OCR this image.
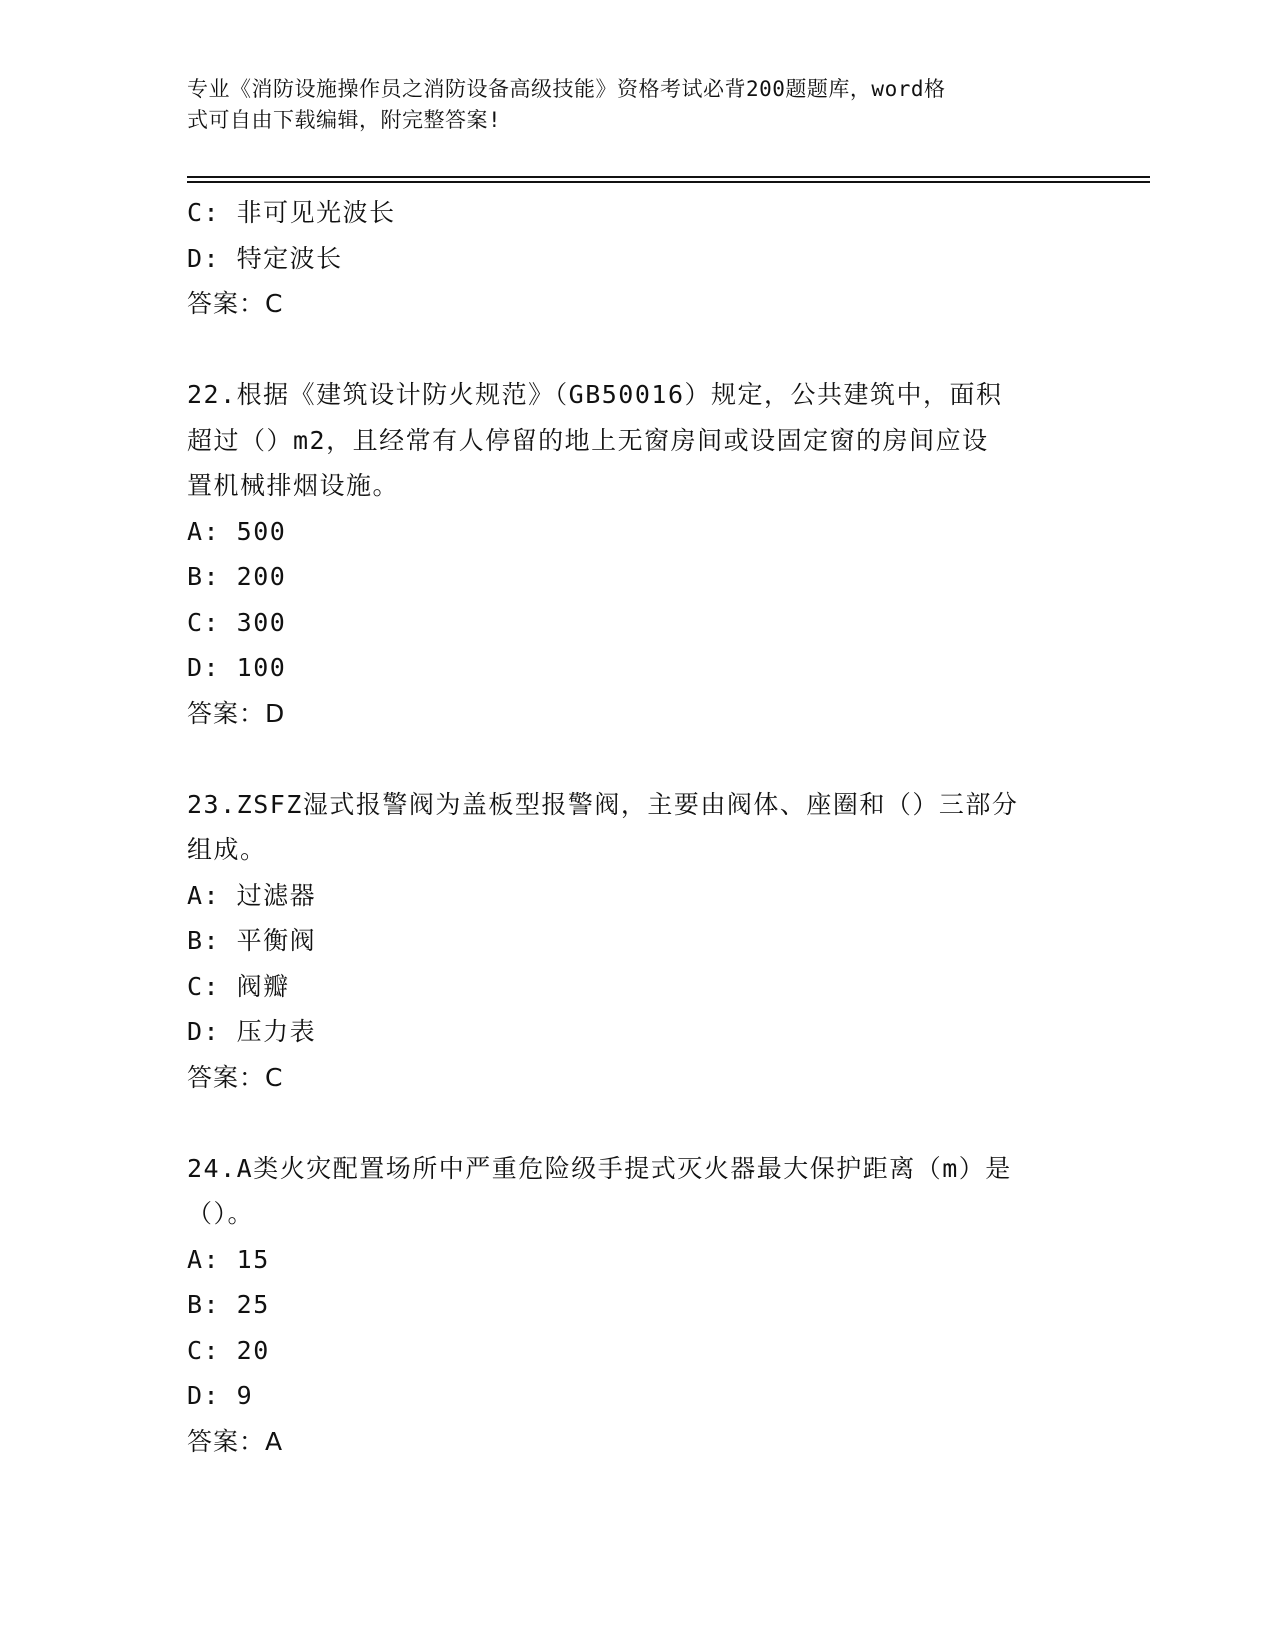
专业《消防设施操作员之消防设备高级技能》资格考试必背200题题库，word格
式可自由下载编辑，附完整答案!
C: 非可见光波长
D: 特定波长
答案：C
22.根据《建筑设计防火规范》（GB50016）规定，公共建筑中，面积
超过（）m2，且经常有人停留的地上无窗房间或设固定窗的房间应设
置机械排烟设施。
A: 500
B: 200
C: 300
D: 100
答案：D
23.ZSFZ湿式报警阀为盖板型报警阀，主要由阀体、座圈和（）三部分
组成。
A: 过滤器
B: 平衡阀
C: 阀瓣
D: 压力表
答案：C
24.A类火灾配置场所中严重危险级手提式灭火器最大保护距离（m）是
（）。
A: 15
B: 25
C: 20
D: 9
答案：A
